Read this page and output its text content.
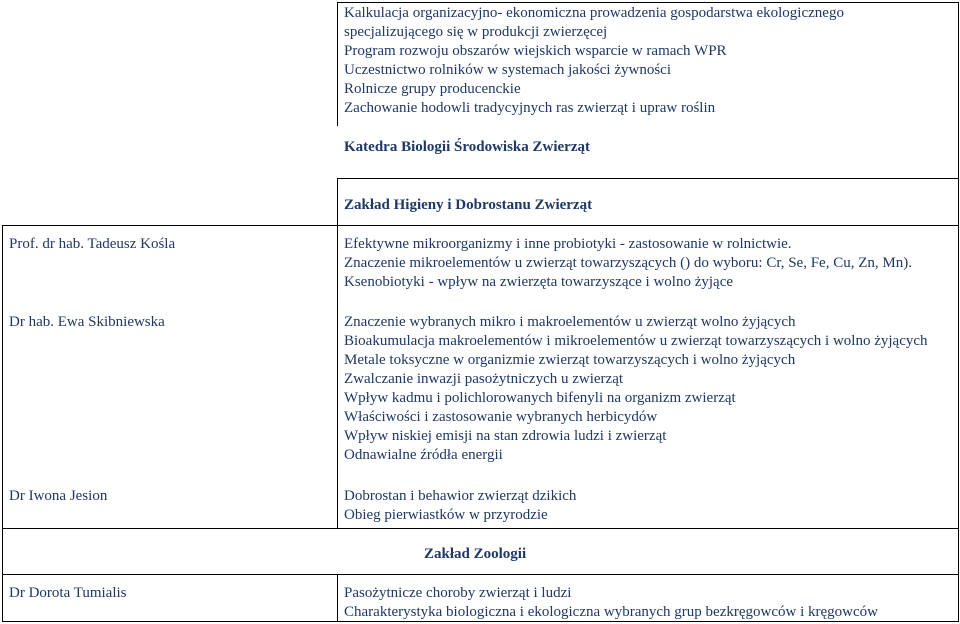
Kalkulacja organizacyjno- ekonomiczna prowadzenia gospodarstwa ekologicznego
specjalizującego się w produkcji zwierzęcej
Program rozwoju obszarów wiejskich wsparcie w ramach WPR
Uczestnictwo rolników w systemach jakości żywności
Rolnicze grupy producenckie
Zachowanie hodowli tradycyjnych ras zwierząt i upraw roślin
Katedra Biologii Środowiska Zwierząt
Zakład Higieny i Dobrostanu Zwierząt
Prof. dr hab. Tadeusz Kośla
Dr hab. Ewa Skibniewska
Dr Iwona Jesion
Efektywne mikroorganizmy i inne probiotyki - zastosowanie w rolnictwie.
Znaczenie mikroelementów u zwierząt towarzyszących () do wyboru: Cr, Se, Fe, Cu, Zn, Mn).
Ksenobiotyki - wpływ na zwierzęta towarzyszące i wolno żyjące
Znaczenie wybranych mikro i makroelementów u zwierząt wolno żyjących
Bioakumulacja makroelementów i mikroelementów u zwierząt towarzyszących i wolno żyjących
Metale toksyczne w organizmie zwierząt towarzyszących i wolno żyjących
Zwalczanie inwazji pasożytniczych u zwierząt
Wpływ kadmu i polichlorowanych bifenyli na organizm zwierząt
Właściwości i zastosowanie wybranych herbicydów
Wpływ niskiej emisji na stan zdrowia ludzi i zwierząt
Odnawialne źródła energii
Dobrostan i behawior zwierząt dzikich
Obieg pierwiastków w przyrodzie
Zakład Zoologii
Dr Dorota Tumialis	Pasożytnicze choroby zwierząt i ludzi
Charakterystyka biologiczna i ekologiczna wybranych grup bezkręgowców i kręgowców
